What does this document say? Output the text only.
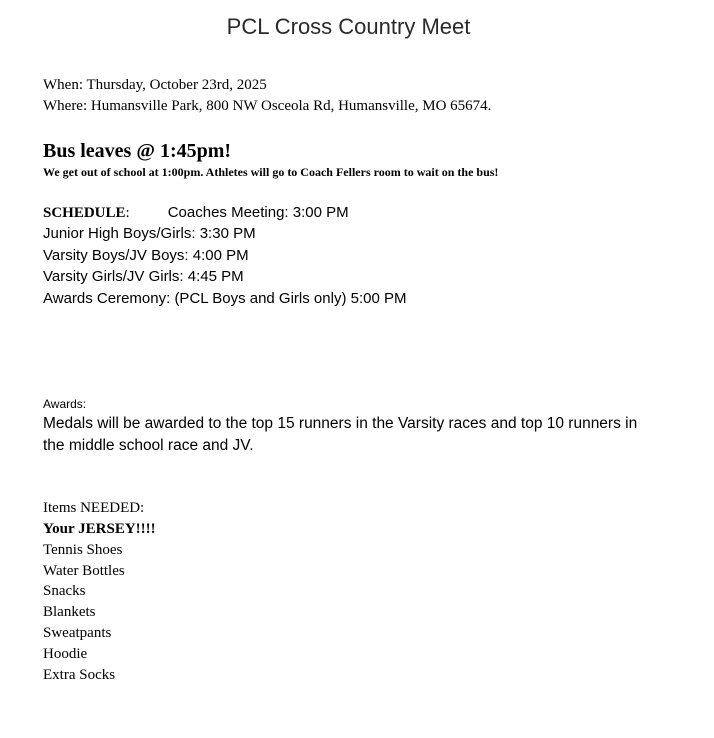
PCL Cross Country Meet
When: Thursday, October 23rd, 2025
Where: Humansville Park, 800 NW Osceola Rd, Humansville, MO 65674.
Bus leaves @ 1:45pm!
We get out of school at 1:00pm. Athletes will go to Coach Fellers room to wait on the bus!
SCHEDULE:	Coaches Meeting: 3:00 PM
Junior High Boys/Girls: 3:30 PM
Varsity Boys/JV Boys: 4:00 PM
Varsity Girls/JV Girls: 4:45 PM
Awards Ceremony: (PCL Boys and Girls only) 5:00 PM
Awards:
Medals will be awarded to the top 15 runners in the Varsity races and top 10 runners in the middle school race and JV.
Items NEEDED:
Your JERSEY!!!!
Tennis Shoes
Water Bottles
Snacks
Blankets
Sweatpants
Hoodie
Extra Socks
